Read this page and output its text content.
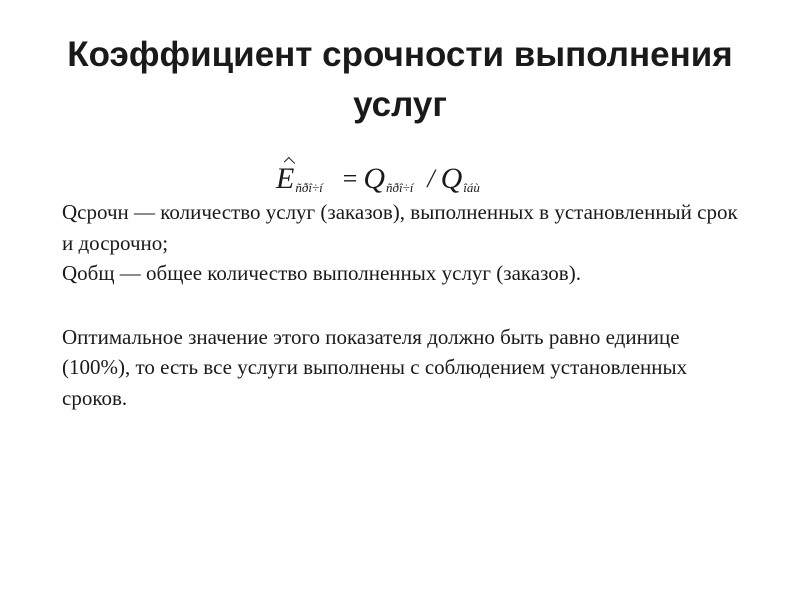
Коэффициент срочности выполнения услуг
E ñðî÷í = Q ñðî÷í / Q îáù

Qсрочн — количество услуг (заказов), выполненных в установленный срок и досрочно;

Qобщ — общее количество выполненных услуг (заказов).

Оптимальное значение этого показателя должно быть равно единице (100%), то есть все услуги выполнены с соблюдением установленных сроков.
